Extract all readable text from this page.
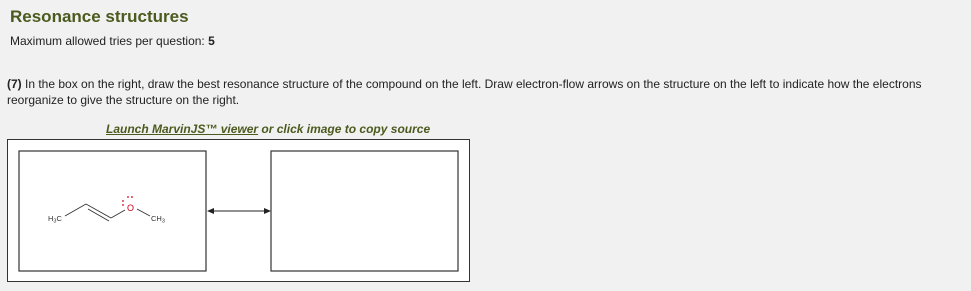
Resonance structures
Maximum allowed tries per question: 5
(7) In the box on the right, draw the best resonance structure of the compound on the left. Draw electron-flow arrows on the structure on the left to indicate how the electrons reorganize to give the structure on the right.
Launch MarvinJS™ viewer or click image to copy source
$H_3C$
O
$CH_3$
